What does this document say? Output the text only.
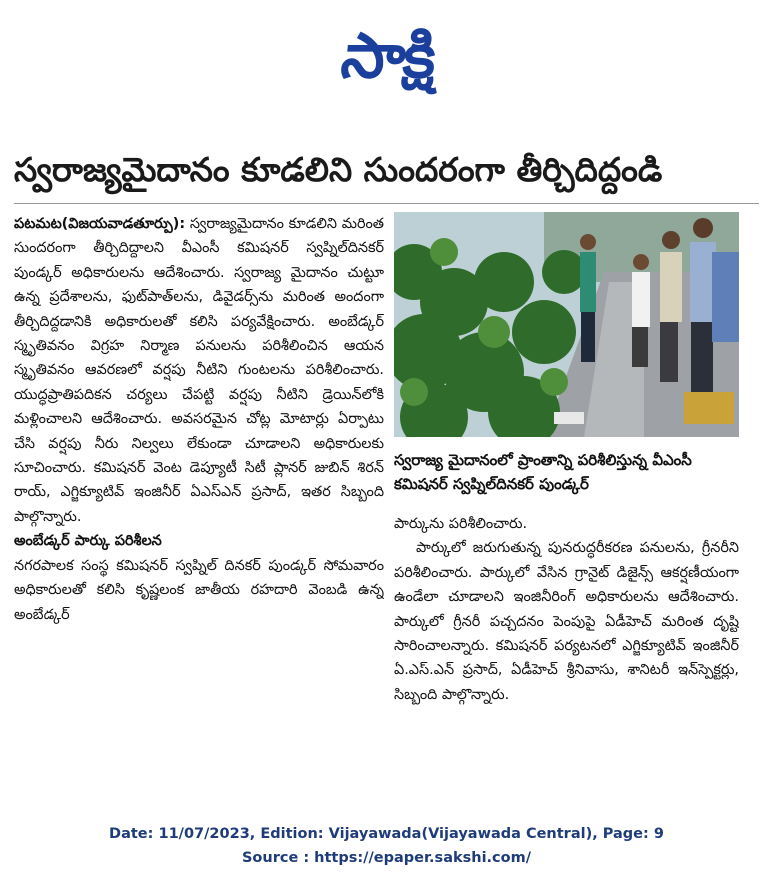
సాక్షి
స్వరాజ్యమైదానం కూడలిని సుందరంగా తీర్చిదిద్దండి

పటమట(విజయవాడతూర్పు): స్వరాజ్యమైదానం కూడలిని మరింత సుందరంగా తీర్చిదిద్దాలని వీఎంసీ కమిషనర్ స్వప్నిల్‌దినకర్ పుండ్కర్ అధికారులను ఆదేశించారు. స్వరాజ్య మైదానం చుట్టూ ఉన్న ప్రదేశాలను, ఫుట్‌పాత్‌లను, డివైడర్స్‌ను మరింత అందంగా తీర్చిదిద్దడానికి అధికారులతో కలిసి పర్యవేక్షించారు. అంబేడ్కర్ స్మృతివనం విగ్రహ నిర్మాణ పనులను పరిశీలించిన ఆయన స్మృతివనం ఆవరణలో వర్షపు నీటిని గుంటలను పరిశీలించారు. యుద్ధప్రాతిపదికన చర్యలు చేపట్టి వర్షపు నీటిని డ్రెయిన్‌లోకి మళ్లించాలని ఆదేశించారు. అవసరమైన చోట్ల మోటార్లు ఏర్పాటు చేసి వర్షపు నీరు నిల్వలు లేకుండా చూడాలని అధికారులకు సూచించారు. కమిషనర్ వెంట డెప్యూటీ సిటీ ప్లానర్ జుబిన్ శిరన్ రాయ్, ఎగ్జిక్యూటివ్ ఇంజినీర్ ఏఎస్ఎన్ ప్రసాద్, ఇతర సిబ్బంది పాల్గొన్నారు.

అంబేడ్కర్ పార్కు పరిశీలన

నగరపాలక సంస్థ కమిషనర్ స్వప్నిల్ దినకర్ పుండ్కర్ సోమవారం అధికారులతో కలిసి కృష్ణలంక జాతీయ రహదారి వెంబడి ఉన్న అంబేడ్కర్

స్వరాజ్య మైదానంలో ప్రాంతాన్ని పరిశీలిస్తున్న వీఎంసీ కమిషనర్ స్వప్నిల్‌దినకర్ పుండ్కర్

పార్కును పరిశీలించారు.

పార్కులో జరుగుతున్న పునరుద్ధరీకరణ పనులను, గ్రీనరీని పరిశీలించారు. పార్కులో వేసిన గ్రానైట్ డిజైన్స్ ఆకర్షణీయంగా ఉండేలా చూడాలని ఇంజినీరింగ్ అధికారులను ఆదేశించారు. పార్కులో గ్రీనరీ పచ్చదనం పెంపుపై ఏడీహెచ్ మరింత దృష్టి సారించాలన్నారు. కమిషనర్ పర్యటనలో ఎగ్జిక్యూటివ్ ఇంజినీర్ ఏ.ఎస్.ఎన్ ప్రసాద్, ఏడీహెచ్ శ్రీనివాసు, శానిటరీ ఇన్‌స్పెక్టర్లు, సిబ్బంది పాల్గొన్నారు.

Date: 11/07/2023, Edition: Vijayawada(Vijayawada Central), Page: 9
Source : https://epaper.sakshi.com/
